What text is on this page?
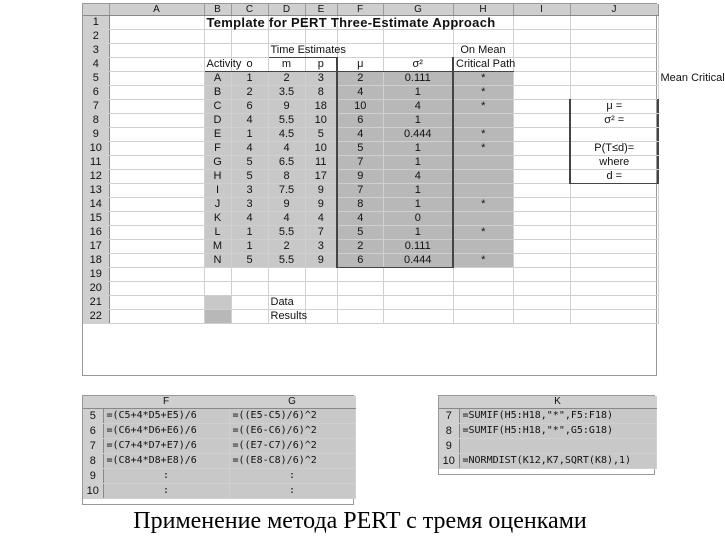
	A	B	C	D	E	F	G	H	I	J	
1		Template for PERT Three-Estimate Approach									
2											
3				Time Estimates				On Mean			
4		Activity	o	m	p	μ	σ²	Critical Path			
5		A	1	2	3	2	0.111	*			Mean Critical
6		B	2	3.5	8	4	1	*			
7		C	6	9	18	10	4	*		μ =	
8		D	4	5.5	10	6	1			σ² =	
9		E	1	4.5	5	4	0.444	*			
10		F	4	4	10	5	1	*		P(T≤d)=	
11		G	5	6.5	11	7	1			where	
12		H	5	8	17	9	4			d =	
13		I	3	7.5	9	7	1				
14		J	3	9	9	8	1	*			
15		K	4	4	4	4	0				
16		L	1	5.5	7	5	1	*			
17		M	1	2	3	2	0.111				
18		N	5	5.5	9	6	0.444	*			
19											
20											
21				Data							
22				Results							
	F	G
5	=(C5+4*D5+E5)/6	=((E5-C5)/6)^2
6	=(C6+4*D6+E6)/6	=((E6-C6)/6)^2
7	=(C7+4*D7+E7)/6	=((E7-C7)/6)^2
8	=(C8+4*D8+E8)/6	=((E8-C8)/6)^2
9	:	:
10	:	:
	K
7	=SUMIF(H5:H18,"*",F5:F18)
8	=SUMIF(H5:H18,"*",G5:G18)
9	
10	=NORMDIST(K12,K7,SQRT(K8),1)
Применение метода PERT с тремя оценками
